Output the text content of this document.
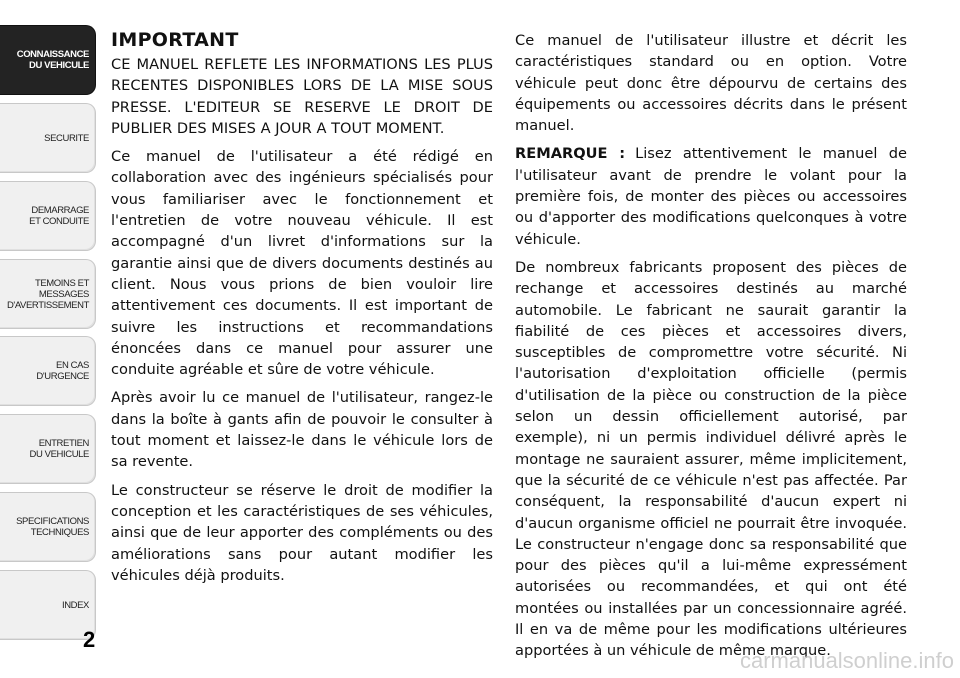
CONNAISSANCE
DU VEHICULE
SECURITE
DEMARRAGE
ET CONDUITE
TEMOINS ET
MESSAGES
D'AVERTISSEMENT
EN CAS
D'URGENCE
ENTRETIEN
DU VEHICULE
SPECIFICATIONS
TECHNIQUES
INDEX
2
IMPORTANT

CE MANUEL REFLETE LES INFORMATIONS LES PLUS RECENTES DISPONIBLES LORS DE LA MISE SOUS PRESSE. L'EDITEUR SE RESERVE LE DROIT DE PUBLIER DES MISES A JOUR A TOUT MOMENT.

Ce manuel de l'utilisateur a été rédigé en collaboration avec des ingénieurs spécialisés pour vous familiariser avec le fonctionnement et l'entretien de votre nouveau véhicule. Il est accompagné d'un livret d'informations sur la garantie ainsi que de divers documents destinés au client. Nous vous prions de bien vouloir lire attentivement ces documents. Il est important de suivre les instructions et recommandations énoncées dans ce manuel pour assurer une conduite agréable et sûre de votre véhicule.

Après avoir lu ce manuel de l'utilisateur, rangez-le dans la boîte à gants afin de pouvoir le consulter à tout moment et laissez-le dans le véhicule lors de sa revente.

Le constructeur se réserve le droit de modifier la conception et les caractéristiques de ses véhicules, ainsi que de leur apporter des compléments ou des améliorations sans pour autant modifier les véhicules déjà produits.

Ce manuel de l'utilisateur illustre et décrit les caractéristiques standard ou en option. Votre véhicule peut donc être dépourvu de certains des équipements ou accessoires décrits dans le présent manuel.

REMARQUE : Lisez attentivement le manuel de l'utilisateur avant de prendre le volant pour la première fois, de monter des pièces ou accessoires ou d'apporter des modifications quelconques à votre véhicule.

De nombreux fabricants proposent des pièces de rechange et accessoires destinés au marché automobile. Le fabricant ne saurait garantir la fiabilité de ces pièces et accessoires divers, susceptibles de compromettre votre sécurité. Ni l'autorisation d'exploitation officielle (permis d'utilisation de la pièce ou construction de la pièce selon un dessin officiellement autorisé, par exemple), ni un permis individuel délivré après le montage ne sauraient assurer, même implicitement, que la sécurité de ce véhicule n'est pas affectée. Par conséquent, la responsabilité d'aucun expert ni d'aucun organisme officiel ne pourrait être invoquée. Le constructeur n'engage donc sa responsabilité que pour des pièces qu'il a lui-même expressément autorisées ou recommandées, et qui ont été montées ou installées par un concessionnaire agréé. Il en va de même pour les modifications ultérieures apportées à un véhicule de même marque.

carmanualsonline.info
